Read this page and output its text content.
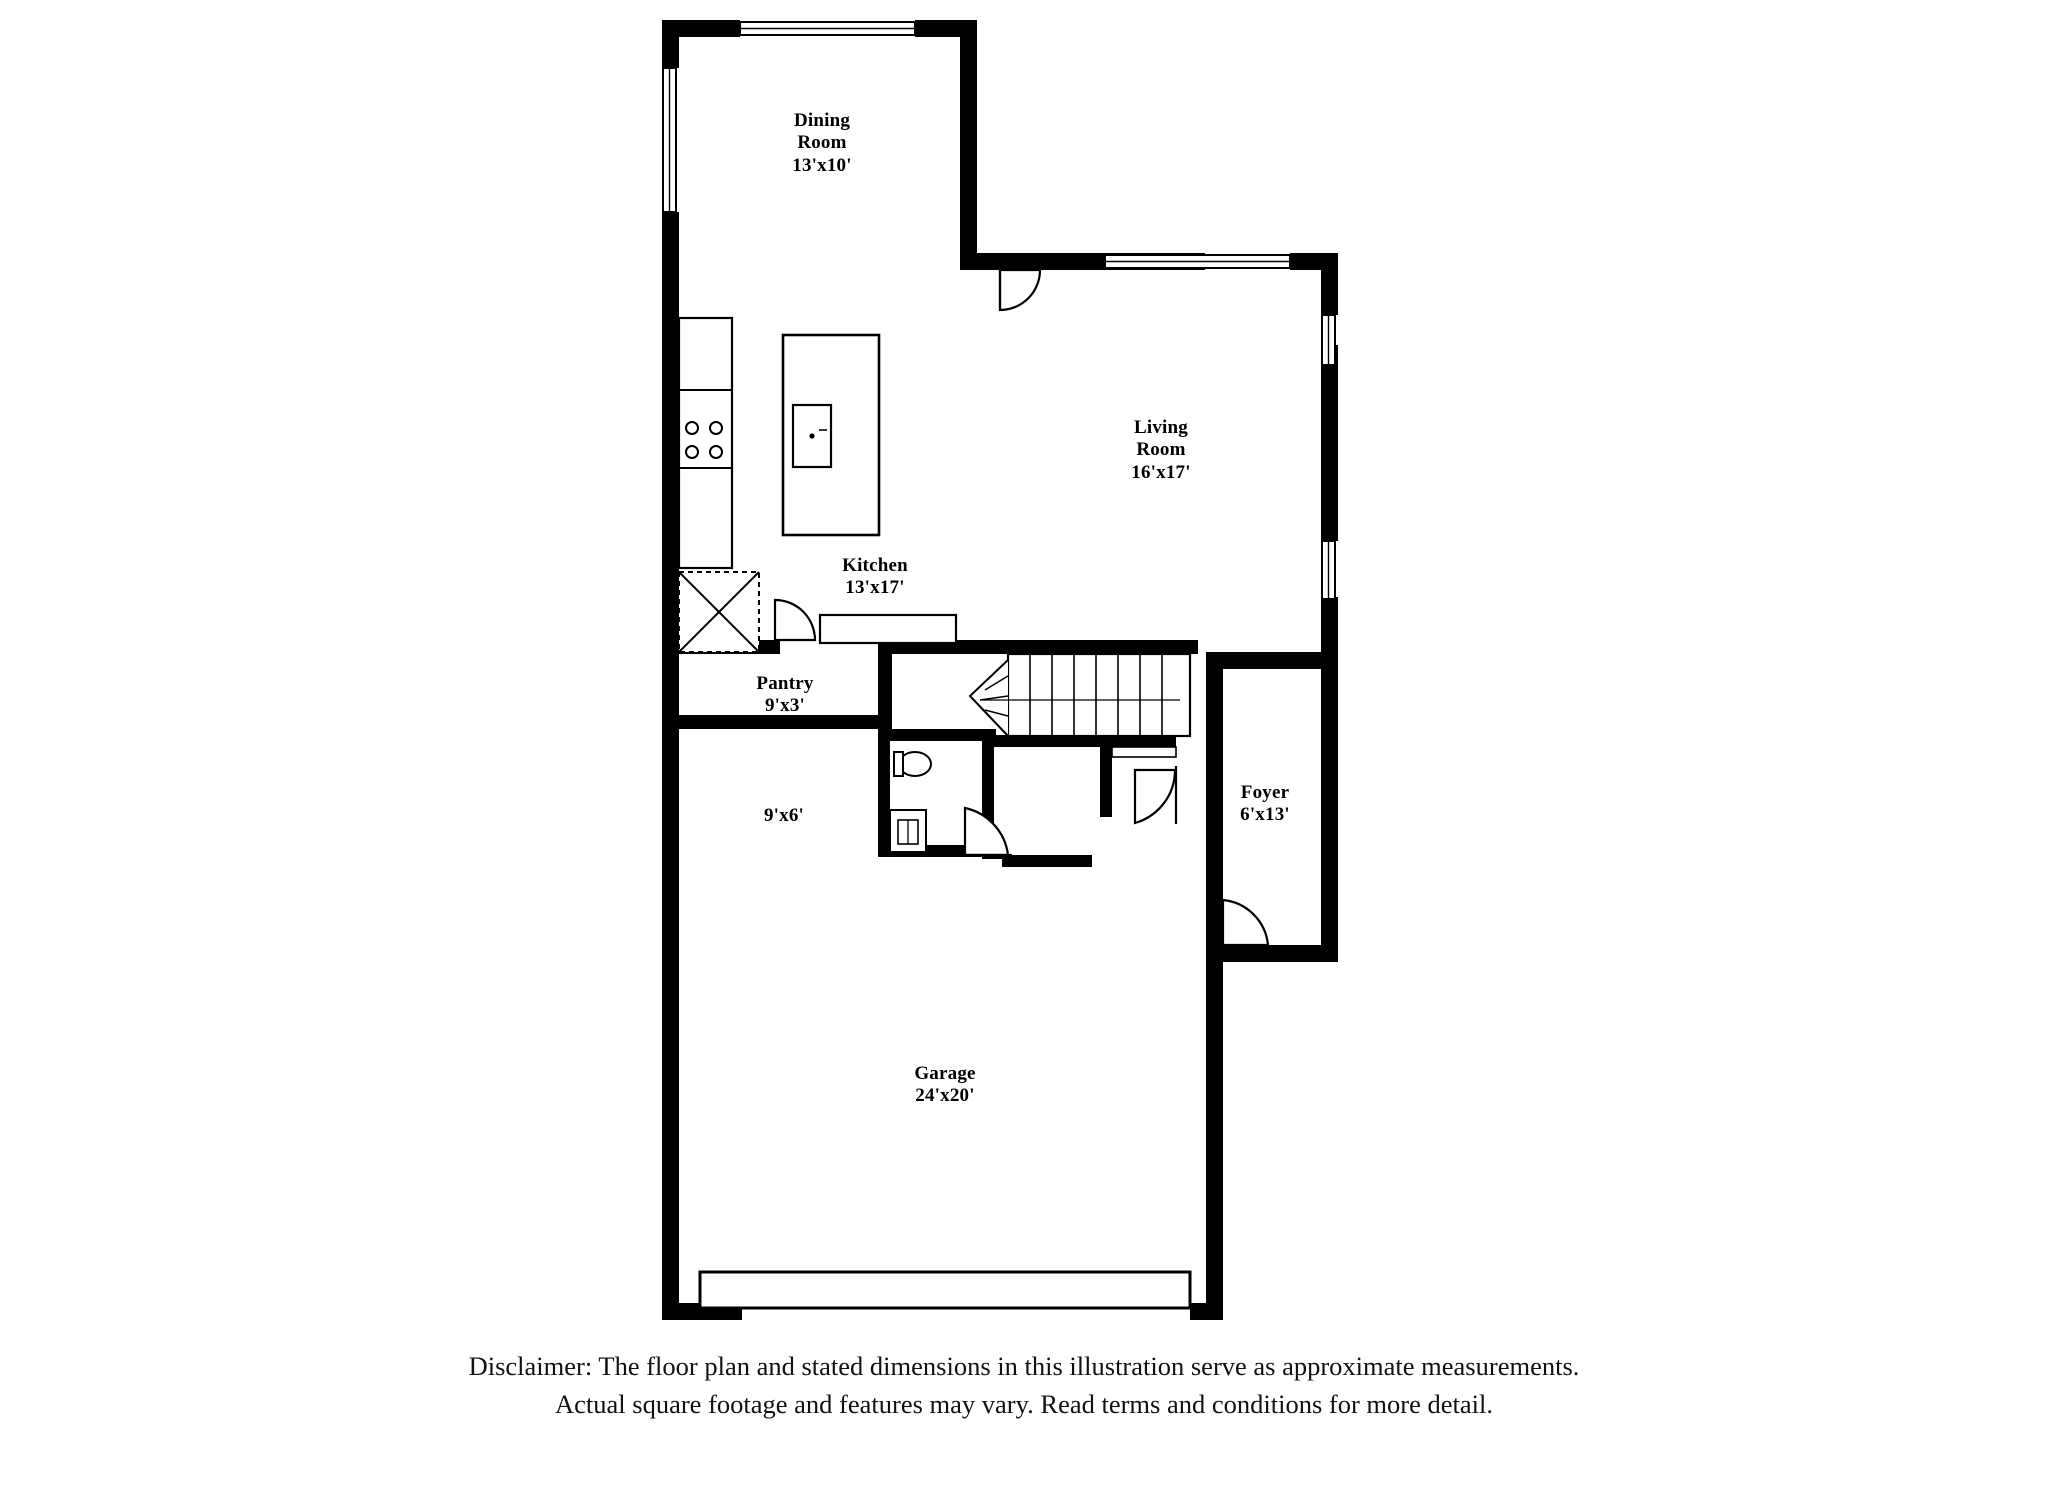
Dining
Room
13'x10'
Living
Room
16'x17'
Kitchen
13'x17'
Pantry
9'x3'
9'x6'
Foyer
6'x13'
Garage
24'x20'
Disclaimer: The floor plan and stated dimensions in this illustration serve as approximate measurements.
Actual square footage and features may vary. Read terms and conditions for more detail.
